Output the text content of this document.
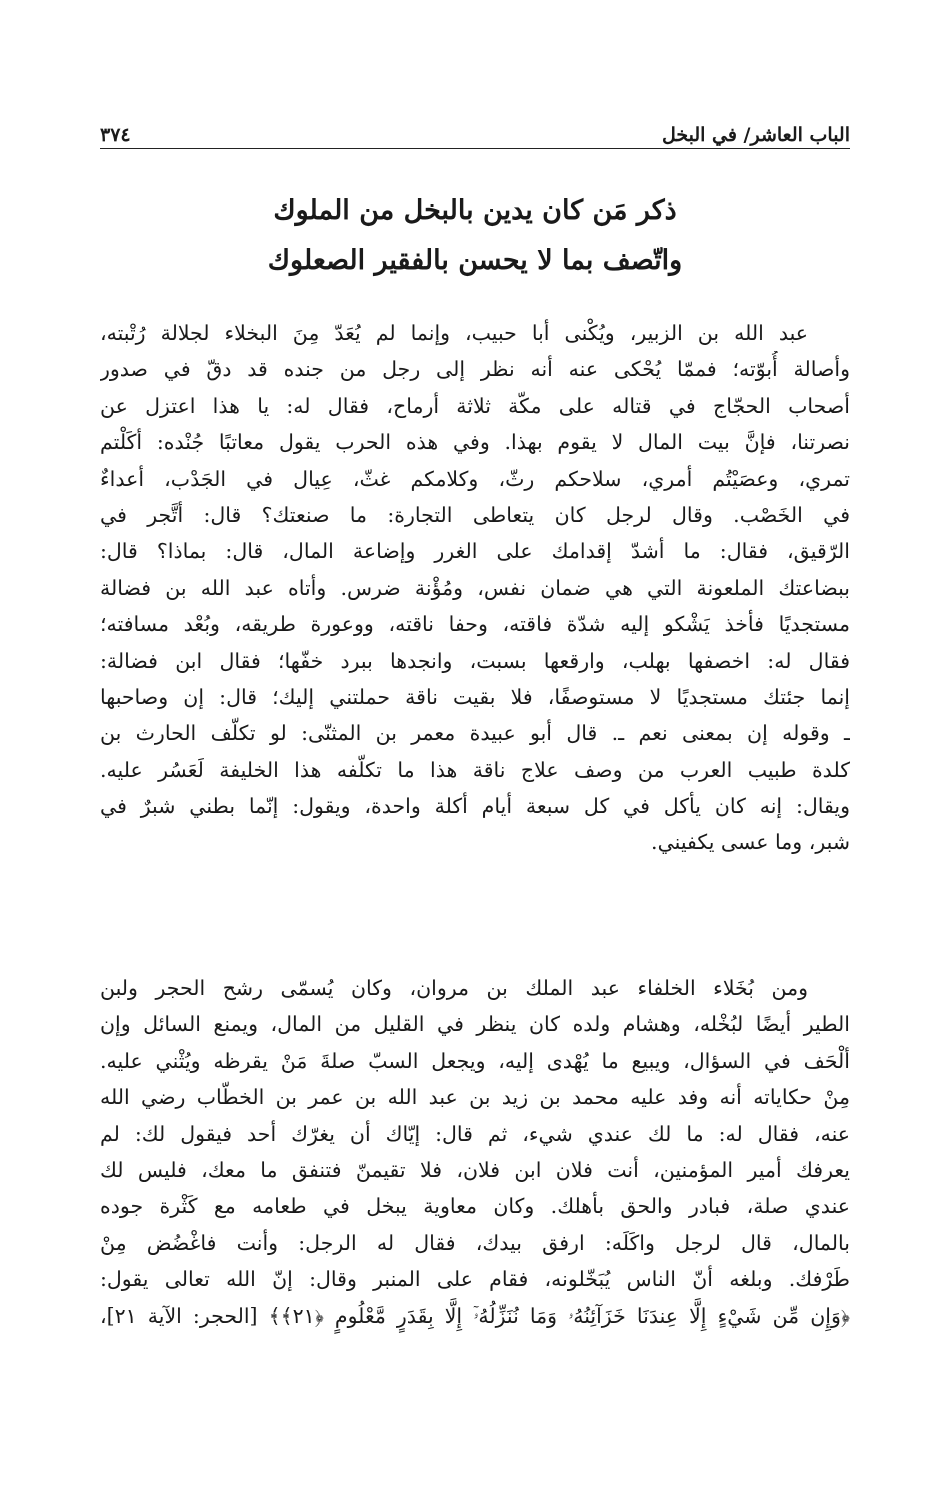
الباب العاشر/ في البخل
٣٧٤
ذكر مَن كان يدين بالبخل من الملوك
واتّصف بما لا يحسن بالفقير الصعلوك
عبد الله بن الزبير، ويُكْنى أبا حبيب، وإنما لم يُعَدّ مِنَ البخلاء لجلالة رُتْبته،
وأصالة أُبوّته؛ فممّا يُحْكى عنه أنه نظر إلى رجل من جنده قد دقّ في صدور
أصحاب الحجّاج في قتاله على مكّة ثلاثة أرماح، فقال له: يا هذا اعتزل عن
نصرتنا، فإنَّ بيت المال لا يقوم بهذا. وفي هذه الحرب يقول معاتبًا جُنْده: أكَلْتم
تمري، وعصَيْتُم أمري، سلاحكم رثّ، وكلامكم غثّ، عِيال في الجَدْب، أعداءٌ
في الخَصْب. وقال لرجل كان يتعاطى التجارة: ما صنعتك؟ قال: أتَّجر في
الرّقيق، فقال: ما أشدّ إقدامك على الغرر وإضاعة المال، قال: بماذا؟ قال:
ببضاعتك الملعونة التي هي ضمان نفس، ومُؤْنة ضرس. وأتاه عبد الله بن فضالة
مستجديًا فأخذ يَشْكو إليه شدّة فاقته، وحفا ناقته، ووعورة طريقه، وبُعْد مسافته؛
فقال له: اخصفها بهلب، وارقعها بسبت، وانجدها ببرد خفّها؛ فقال ابن فضالة:
إنما جئتك مستجديًا لا مستوصفًا، فلا بقيت ناقة حملتني إليك؛ قال: إن وصاحبها
ـ وقوله إن بمعنى نعم ـ. قال أبو عبيدة معمر بن المثنّى: لو تكلّف الحارث بن
كلدة طبيب العرب من وصف علاج ناقة هذا ما تكلّفه هذا الخليفة لَعَسُر عليه.
ويقال: إنه كان يأكل في كل سبعة أيام أكلة واحدة، ويقول: إنّما بطني شبرٌ في
شبر، وما عسى يكفيني.
ومن بُخَلاء الخلفاء عبد الملك بن مروان، وكان يُسمّى رشح الحجر ولبن
الطير أيضًا لبُخْله، وهشام ولده كان ينظر في القليل من المال، ويمنع السائل وإن
ألْحَف في السؤال، ويبيع ما يُهْدى إليه، ويجعل السبّ صلةَ مَنْ يقرظه ويُثْني عليه.
مِنْ حكاياته أنه وفد عليه محمد بن زيد بن عبد الله بن عمر بن الخطّاب رضي الله
عنه، فقال له: ما لك عندي شيء، ثم قال: إيّاك أن يغرّك أحد فيقول لك: لم
يعرفك أمير المؤمنين، أنت فلان ابن فلان، فلا تقيمنّ فتنفق ما معك، فليس لك
عندي صلة، فبادر والحق بأهلك. وكان معاوية يبخل في طعامه مع كَثْرة جوده
بالمال، قال لرجل واكَلَه: ارفق بيدك، فقال له الرجل: وأنت فاغْضُض مِنْ
طَرْفك. وبلغه أنّ الناس يُبَخّلونه، فقام على المنبر وقال: إنّ الله تعالى يقول:
﴿وَإِن مِّن شَيْءٍ إِلَّا عِندَنَا خَزَآئِنُهُۥ وَمَا نُنَزِّلُهُۥٓ إِلَّا بِقَدَرٍ مَّعْلُومٍ ﴿٢١﴾﴾ [الحجر: الآية ٢١]،
